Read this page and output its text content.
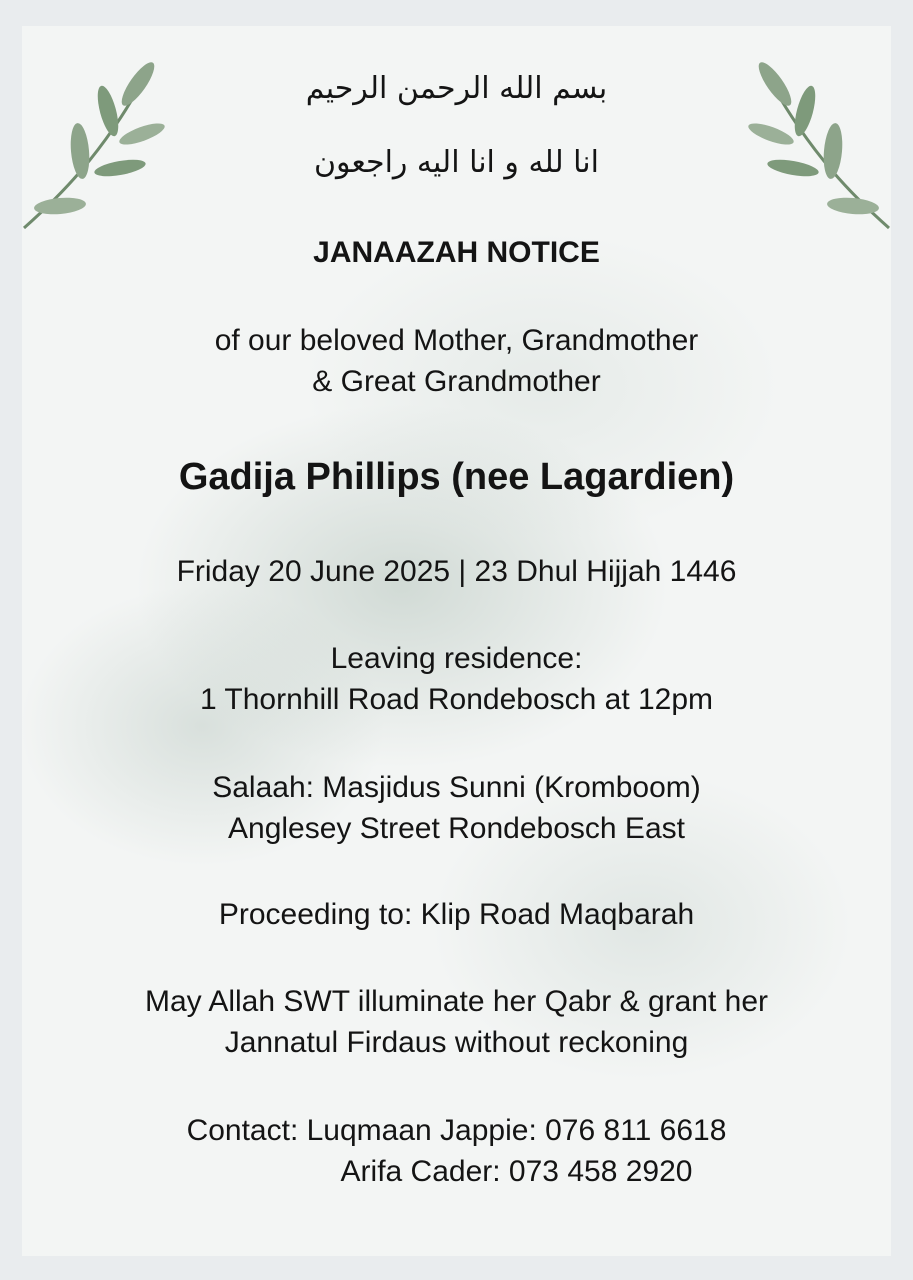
بسم الله الرحمن الرحيم
انا لله و انا اليه راجعون
JANAAZAH NOTICE
of our beloved Mother, Grandmother
& Great Grandmother
Gadija Phillips (nee Lagardien)
Friday 20 June 2025 | 23 Dhul Hijjah 1446
Leaving residence:
1 Thornhill Road Rondebosch at 12pm
Salaah: Masjidus Sunni (Kromboom)
Anglesey Street Rondebosch East
Proceeding to: Klip Road Maqbarah
May Allah SWT illuminate her Qabr & grant her
Jannatul Firdaus without reckoning
Contact: Luqmaan Jappie: 076 811 6618
Arifa Cader: 073 458 2920
